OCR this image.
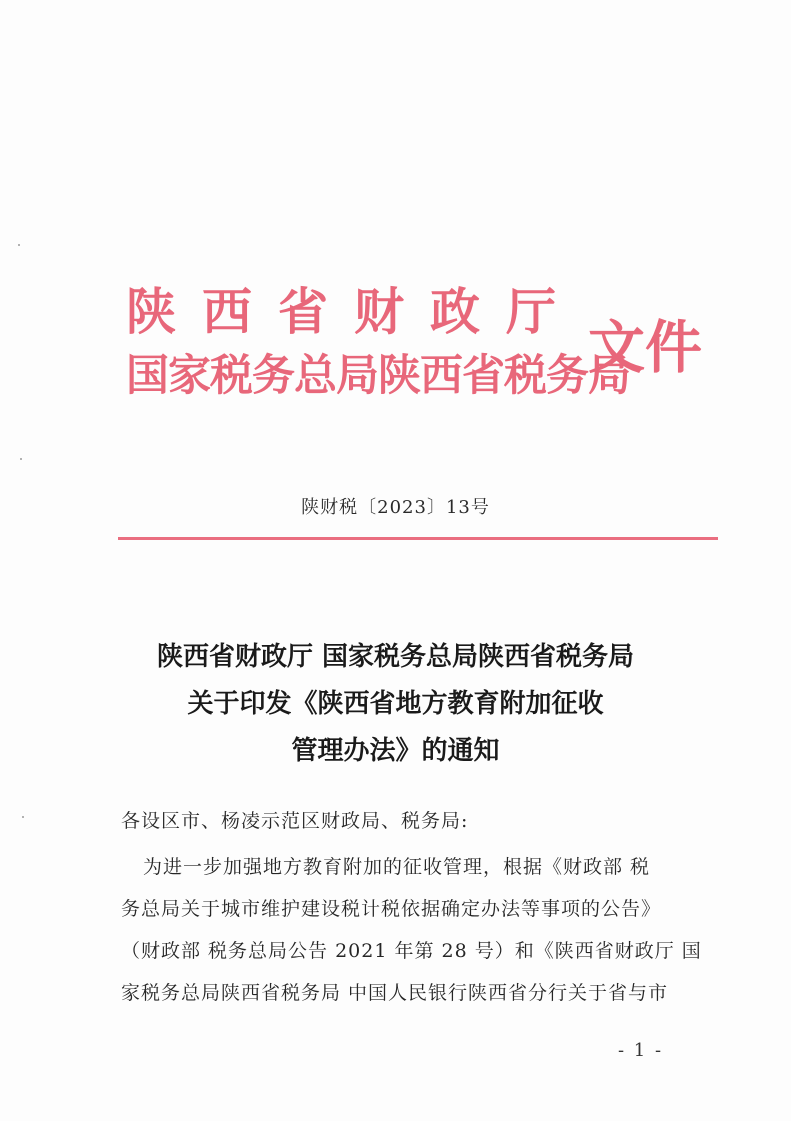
陕西省财政厅
国家税务总局陕西省税务局
文件
陕财税〔2023〕13号
陕西省财政厅 国家税务总局陕西省税务局
关于印发《陕西省地方教育附加征收
管理办法》的通知
各设区市、杨凌示范区财政局、税务局:
为进一步加强地方教育附加的征收管理，根据《财政部 税
务总局关于城市维护建设税计税依据确定办法等事项的公告》
（财政部 税务总局公告 2021 年第 28 号）和《陕西省财政厅 国
家税务总局陕西省税务局 中国人民银行陕西省分行关于省与市
- 1 -
